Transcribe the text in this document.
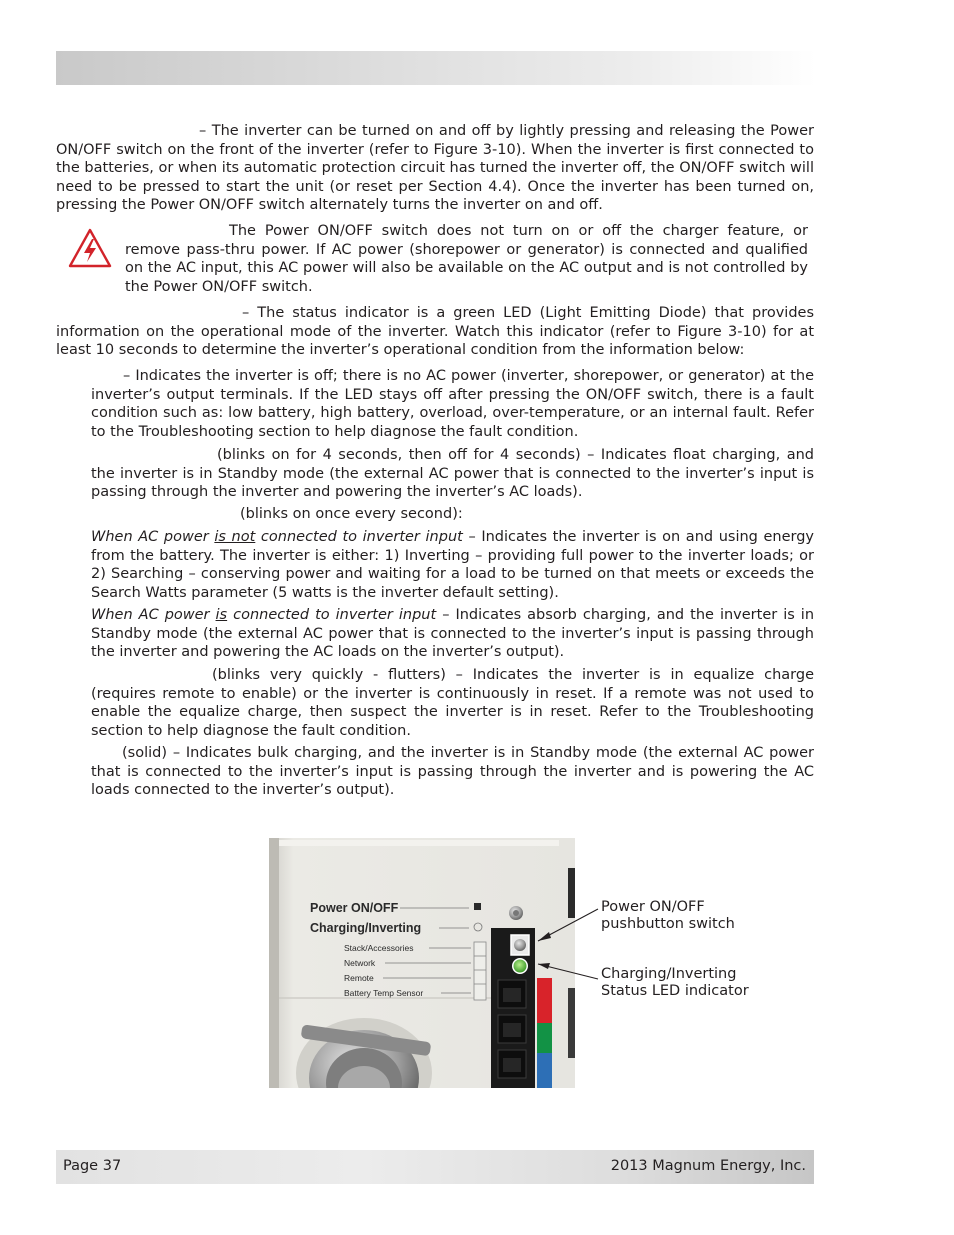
– The inverter can be turned on and off by lightly pressing and releasing the Power ON/OFF switch on the front of the inverter (refer to Figure 3-10). When the inverter is first connected to the batteries, or when its automatic protection circuit has turned the inverter off, the ON/OFF switch will need to be pressed to start the unit (or reset per Section 4.4). Once the inverter has been turned on, pressing the Power ON/OFF switch alternately turns the inverter on and off.

The Power ON/OFF switch does not turn on or off the charger feature, or remove pass-thru power. If AC power (shorepower or generator) is connected and qualified on the AC input, this AC power will also be available on the AC output and is not controlled by the Power ON/OFF switch.

– The status indicator is a green LED (Light Emitting Diode) that provides information on the operational mode of the inverter. Watch this indicator (refer to Figure 3-10) for at least 10 seconds to determine the inverter’s operational condition from the information below:

– Indicates the inverter is off; there is no AC power (inverter, shorepower, or generator) at the inverter’s output terminals. If the LED stays off after pressing the ON/OFF switch, there is a fault condition such as: low battery, high battery, overload, over-temperature, or an internal fault. Refer to the Troubleshooting section to help diagnose the fault condition.

(blinks on for 4 seconds, then off for 4 seconds) – Indicates float charging, and the inverter is in Standby mode (the external AC power that is connected to the inverter’s input is passing through the inverter and powering the inverter’s AC loads).

(blinks on once every second):

When AC power is not connected to inverter input – Indicates the inverter is on and using energy from the battery. The inverter is either: 1) Inverting – providing full power to the inverter loads; or 2) Searching – conserving power and waiting for a load to be turned on that meets or exceeds the Search Watts parameter (5 watts is the inverter default setting).

When AC power is connected to inverter input – Indicates absorb charging, and the inverter is in Standby mode (the external AC power that is connected to the inverter’s input is passing through the inverter and powering the AC loads on the inverter’s output).

(blinks very quickly - flutters) – Indicates the inverter is in equalize charge (requires remote to enable) or the inverter is continuously in reset. If a remote was not used to enable the equalize charge, then suspect the inverter is in reset. Refer to the Troubleshooting section to help diagnose the fault condition.

(solid) – Indicates bulk charging, and the inverter is in Standby mode (the external AC power that is connected to the inverter’s input is passing through the inverter and is powering the AC loads connected to the inverter’s output).

Power ON/OFF
Charging/Inverting
Stack/Accessories
Network
Remote
Battery Temp Sensor
Power ON/OFF
pushbutton switch
Charging/Inverting
Status LED indicator
Page 37	2013 Magnum Energy, Inc.
